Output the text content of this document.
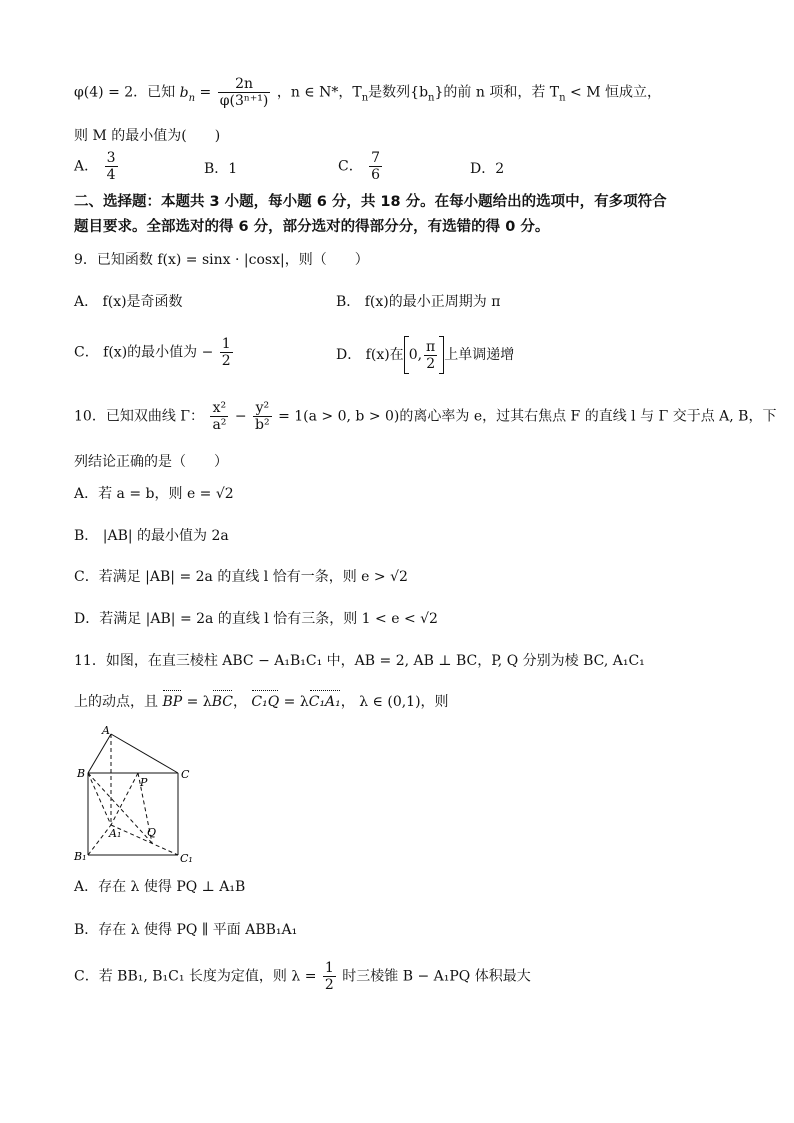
φ(4) = 2．已知 $b_n = \frac{2n}{\text{φ(3ⁿ⁺¹)}}$ ，n ∈ N*，$T_n$是数列$\{b_n\}$的前 n 项和，若 $T_n < M$ 恒成立，
则 M 的最小值为(　　)
A． $\frac{3}{4}$	B．1	C． $\frac{7}{6}$	D．2
二、选择题：本题共 3 小题，每小题 6 分，共 18 分。在每小题给出的选项中，有多项符合
题目要求。全部选对的得 6 分，部分选对的得部分分，有选错的得 0 分。
9．已知函数 f(x) = sinx · |cosx|，则（　　）
A． f(x)是奇函数	B． f(x)的最小正周期为 π
C． f(x)的最小值为 − $\frac{1}{2}$	D． f(x)在 0, $\frac{\pi}{2}$ 上单调递增
10．已知双曲线 Γ： $\frac{\text{x²}}{\text{a²}} - \frac{\text{y²}}{\text{b²}} = 1(a > 0$, b > 0)的离心率为 e，过其右焦点 F 的直线 l 与 Γ 交于点 A, B，下
列结论正确的是（　　）
A．若 a = b，则 e = √2
B． |AB| 的最小值为 2a
C．若满足 |AB| = 2a 的直线 l 恰有一条，则 e > √2
D．若满足 |AB| = 2a 的直线 l 恰有三条，则 1 < e < √2
11．如图，在直三棱柱 ABC − A₁B₁C₁ 中，AB = 2, AB ⊥ BC，P, Q 分别为棱 BC, A₁C₁
上的动点，且 BP = λBC， C₁Q = λC₁A₁， λ ∈ (0,1)，则
A
B	C
P
A₁ Q
B₁	C₁
A．存在 λ 使得 PQ ⊥ A₁B
B．存在 λ 使得 PQ ∥ 平面 ABB₁A₁
C．若 BB₁, B₁C₁ 长度为定值，则 $\lambda = \frac{1}{2}$ 时三棱锥 B − A₁PQ 体积最大
